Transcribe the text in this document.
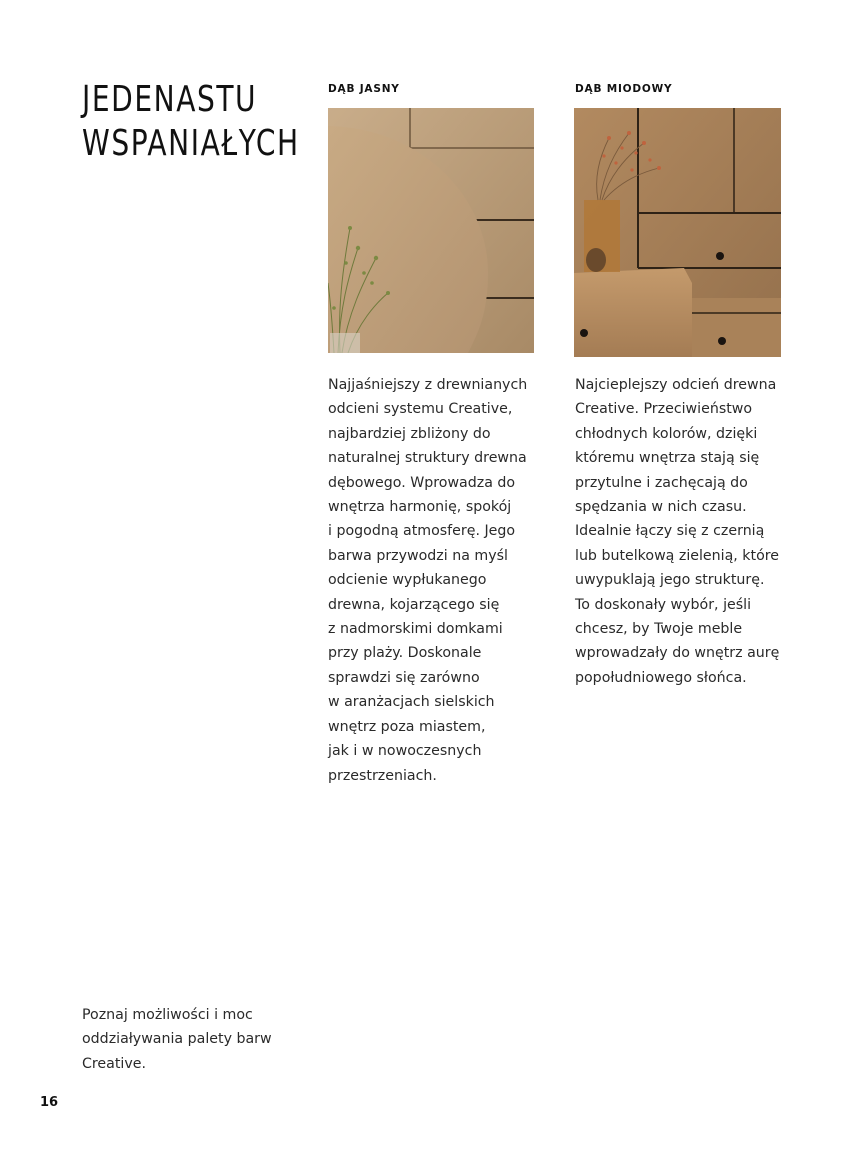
JEDENASTU
WSPANIAŁYCH
DĄB JASNY
Najjaśniejszy z drewnianych
odcieni systemu Creative,
najbardziej zbliżony do
naturalnej struktury drewna
dębowego. Wprowadza do
wnętrza harmonię, spokój
i pogodną atmosferę. Jego
barwa przywodzi na myśl
odcienie wypłukanego
drewna, kojarzącego się
z nadmorskimi domkami
przy plaży. Doskonale
sprawdzi się zarówno
w aranżacjach sielskich
wnętrz poza miastem,
jak i w nowoczesnych
przestrzeniach.
DĄB MIODOWY
Najcieplejszy odcień drewna
Creative. Przeciwieństwo
chłodnych kolorów, dzięki
któremu wnętrza stają się
przytulne i zachęcają do
spędzania w nich czasu.
Idealnie łączy się z czernią
lub butelkową zielenią, które
uwypuklają jego strukturę.
To doskonały wybór, jeśli
chcesz, by Twoje meble
wprowadzały do wnętrz aurę
popołudniowego słońca.
Poznaj możliwości i moc
oddziaływania palety barw
Creative.
16
